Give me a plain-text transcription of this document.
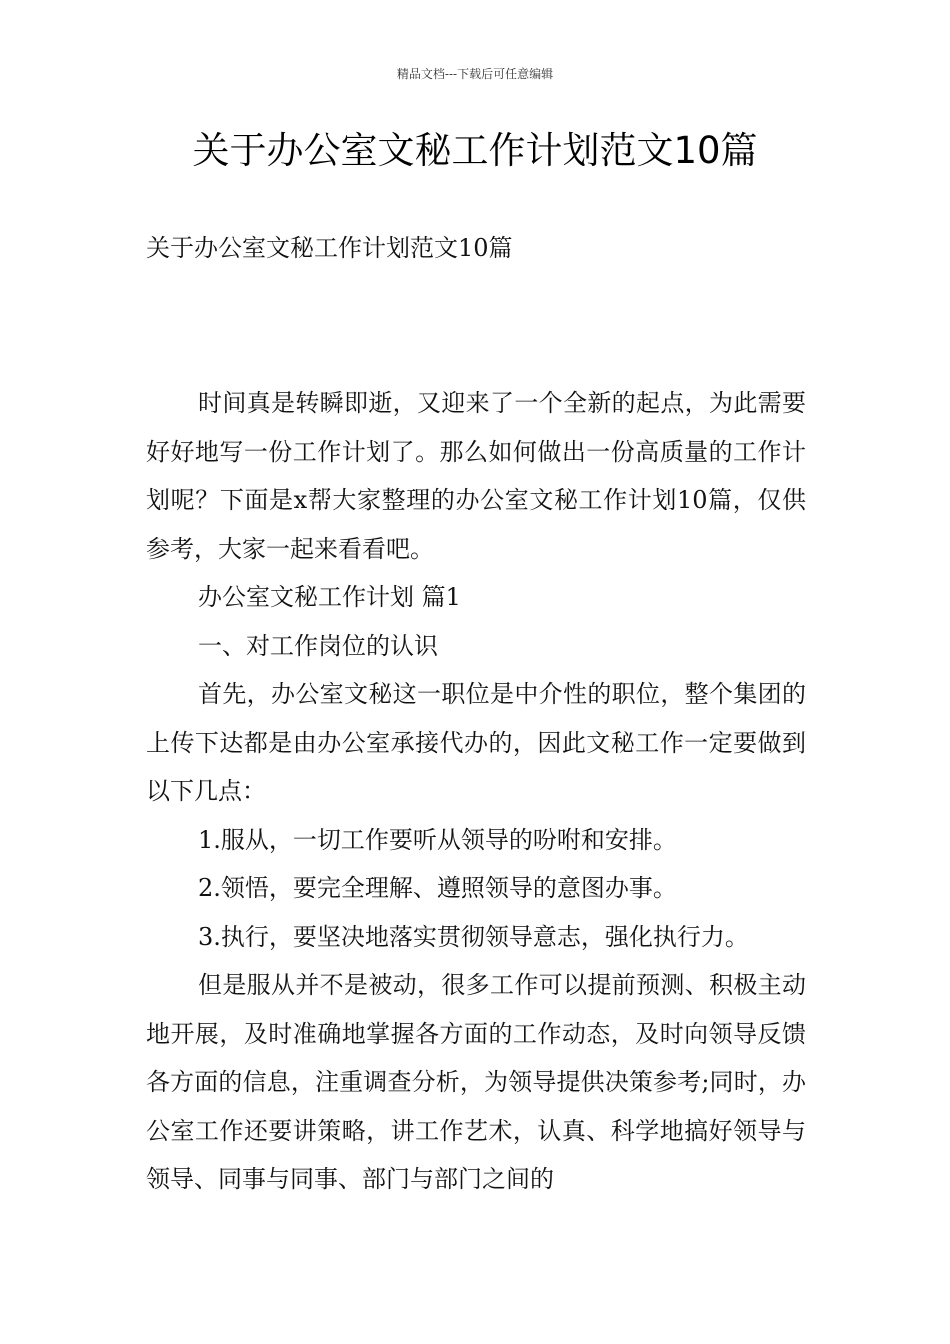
精品文档---下载后可任意编辑
关于办公室文秘工作计划范文10篇

关于办公室文秘工作计划范文10篇

时间真是转瞬即逝，又迎来了一个全新的起点，为此需要好好地写一份工作计划了。那么如何做出一份高质量的工作计划呢？下面是x帮大家整理的办公室文秘工作计划10篇，仅供参考，大家一起来看看吧。

办公室文秘工作计划 篇1

一、对工作岗位的认识

首先，办公室文秘这一职位是中介性的职位，整个集团的上传下达都是由办公室承接代办的，因此文秘工作一定要做到以下几点：

1.服从，一切工作要听从领导的吩咐和安排。

2.领悟，要完全理解、遵照领导的意图办事。

3.执行，要坚决地落实贯彻领导意志，强化执行力。

但是服从并不是被动，很多工作可以提前预测、积极主动地开展，及时准确地掌握各方面的工作动态，及时向领导反馈各方面的信息，注重调查分析，为领导提供决策参考;同时，办公室工作还要讲策略，讲工作艺术，认真、科学地搞好领导与领导、同事与同事、部门与部门之间的
